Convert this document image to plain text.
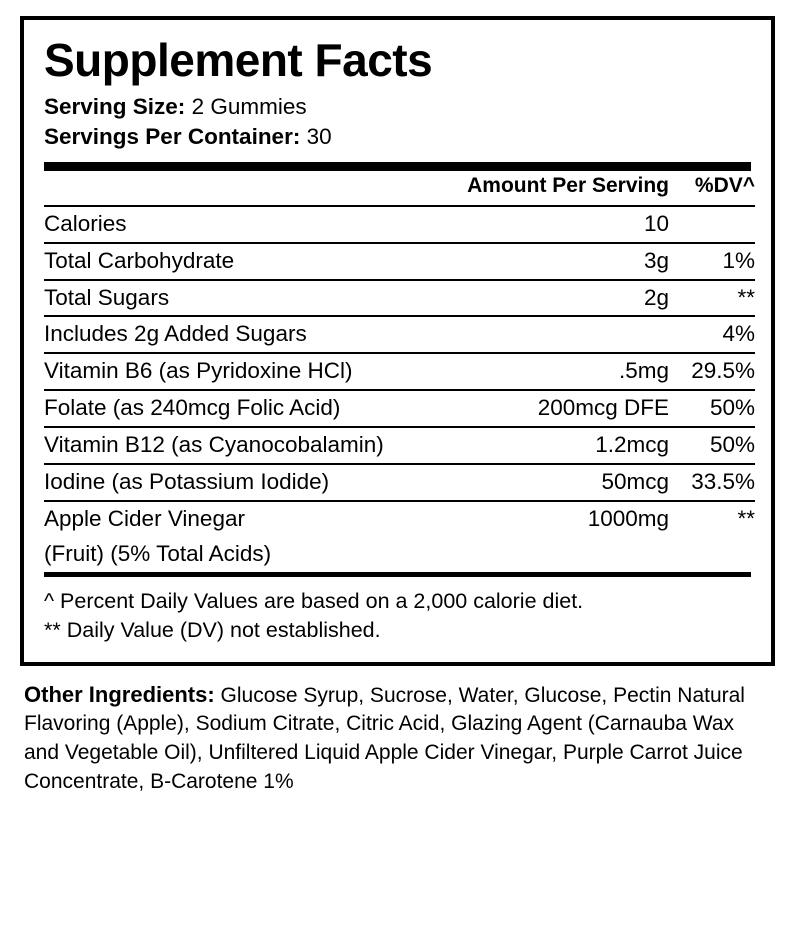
Supplement Facts
Serving Size: 2 Gummies
Servings Per Container: 30
	Amount Per Serving	%DV^

Calories	10	

Total Carbohydrate	3g	1%

Total Sugars	2g	**

Includes 2g Added Sugars		4%

Vitamin B6 (as Pyridoxine HCl)	.5mg	29.5%

Folate (as 240mcg Folic Acid)	200mcg DFE	50%

Vitamin B12 (as Cyanocobalamin)	1.2mcg	50%

Iodine (as Potassium Iodide)	50mcg	33.5%

Apple Cider Vinegar	1000mg	**
(Fruit) (5% Total Acids)		
^ Percent Daily Values are based on a 2,000 calorie diet.
** Daily Value (DV) not established.
Other Ingredients: Glucose Syrup, Sucrose, Water, Glucose, Pectin Natural Flavoring (Apple), Sodium Citrate, Citric Acid, Glazing Agent (Carnauba Wax and Vegetable Oil), Unfiltered Liquid Apple Cider Vinegar, Purple Carrot Juice Concentrate, B-Carotene 1%
